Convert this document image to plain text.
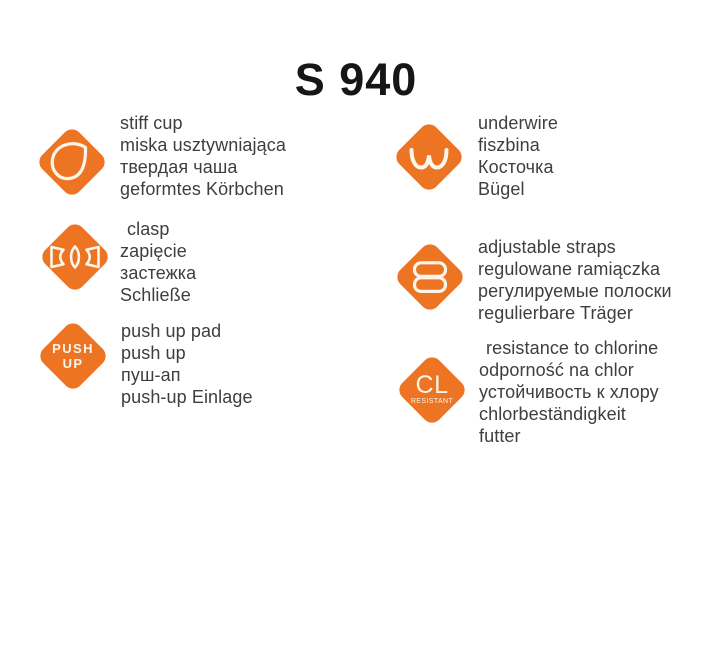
S 940
stiff cup
miska usztywniająca
твердая чаша
geformtes Körbchen
clasp
zapięcie
застежка
Schließe
PUSH
UP
push up pad
push up
пуш-ап
push-up Einlage
underwire
fiszbina
Косточка
Bügel
adjustable straps
regulowane ramiączka
регулируемые полоски
regulierbare Träger
CL
RESISTANT
resistance to chlorine
odporność na chlor
устойчивость к хлору
chlorbeständigkeit
futter
